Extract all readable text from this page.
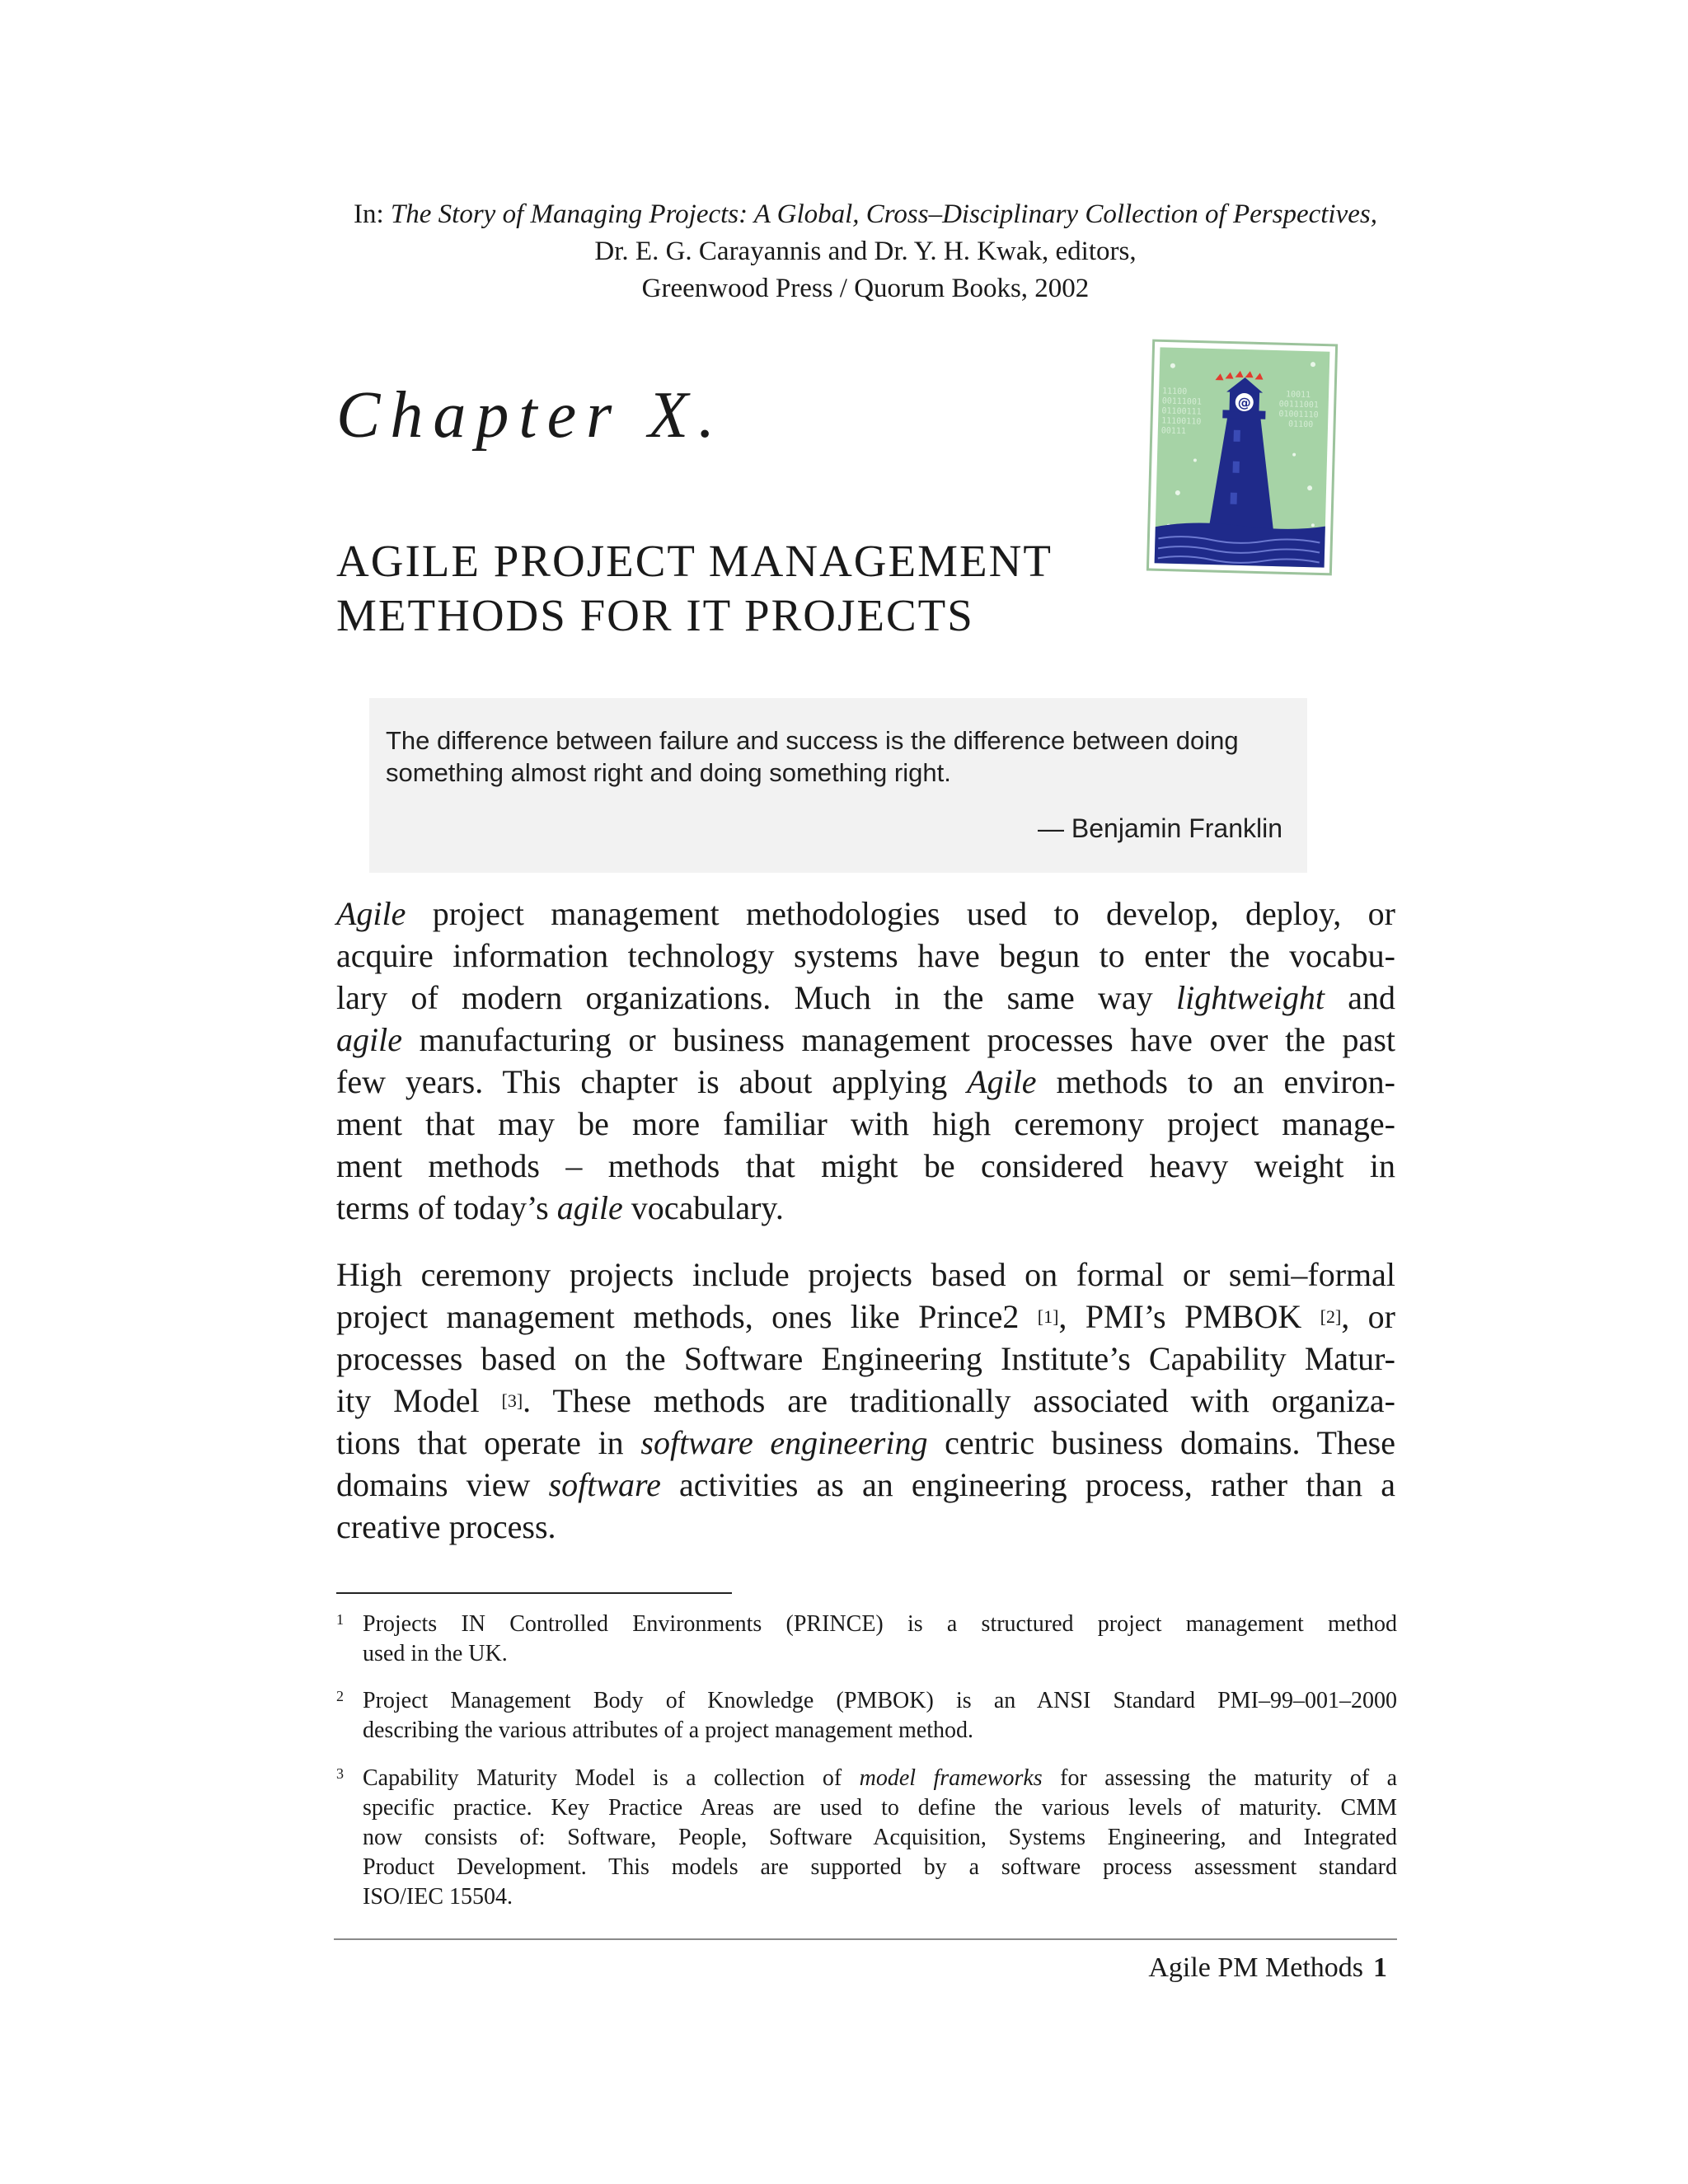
In: The Story of Managing Projects: A Global, Cross–Disciplinary Collection of Perspectives,
Dr. E. G. Carayannis and Dr. Y. H. Kwak, editors,
Greenwood Press / Quorum Books, 2002
Chapter X.
AGILE PROJECT MANAGEMENT
METHODS FOR IT PROJECTS
11100
00111001
01100111
11100110
00111
10011
00111001
01001110
01100
@
The difference between failure and success is the difference between doing
something almost right and doing something right.
— Benjamin Franklin
Agile project management methodologies used to develop, deploy, or
acquire information technology systems have begun to enter the vocabu-
lary of modern organizations. Much in the same way lightweight and
agile manufacturing or business management processes have over the past
few years. This chapter is about applying Agile methods to an environ-
ment that may be more familiar with high ceremony project manage-
ment methods – methods that might be considered heavy weight in
terms of today’s agile vocabulary.
High ceremony projects include projects based on formal or semi–formal
project management methods, ones like Prince2 [1], PMI’s PMBOK [2], or
processes based on the Software Engineering Institute’s Capability Matur-
ity Model [3]. These methods are traditionally associated with organiza-
tions that operate in software engineering centric business domains. These
domains view software activities as an engineering process, rather than a
creative process.
1 Projects IN Controlled Environments (PRINCE) is a structured project management method
used in the UK.
2 Project Management Body of Knowledge (PMBOK) is an ANSI Standard PMI–99–001–2000
describing the various attributes of a project management method.
3 Capability Maturity Model is a collection of model frameworks for assessing the maturity of a
specific practice. Key Practice Areas are used to define the various levels of maturity. CMM
now consists of: Software, People, Software Acquisition, Systems Engineering, and Integrated
Product Development. This models are supported by a software process assessment standard
ISO/IEC 15504.
Agile PM Methods 1
